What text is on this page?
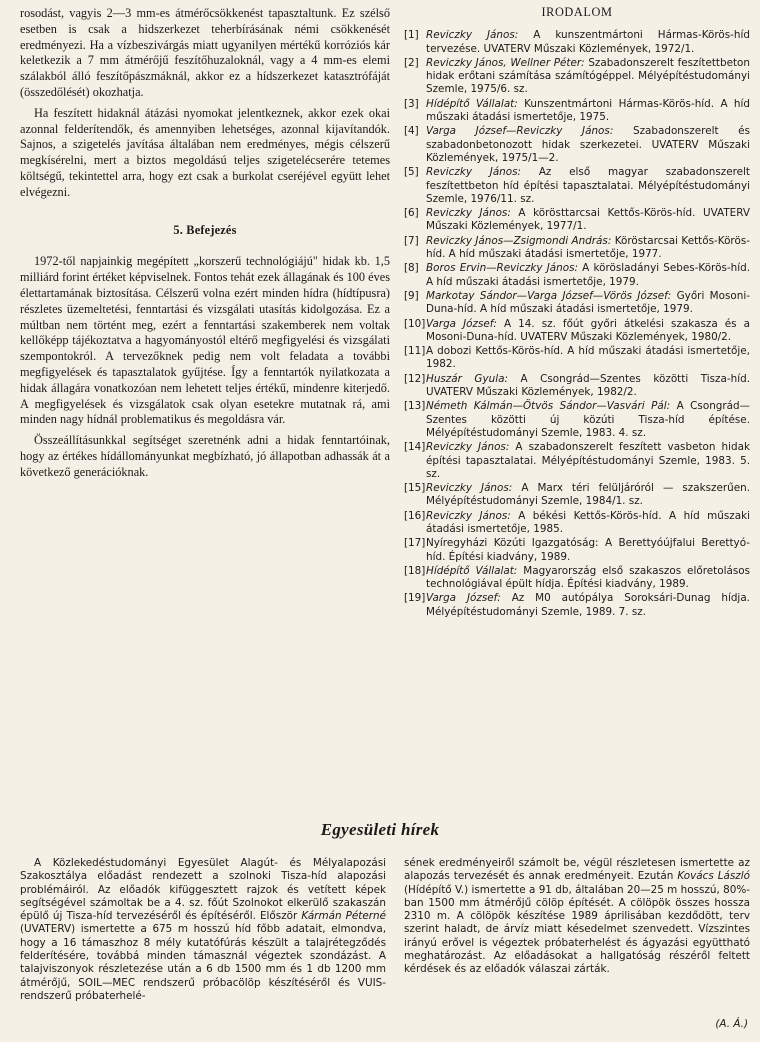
rosodást, vagyis 2—3 mm-es átmérőcsökkenést tapasztaltunk. Ez szélső esetben is csak a hidszerkezet teherbírásának némi csökkenését eredményezi. Ha a vízbeszivárgás miatt ugyanilyen mértékű korróziós kár keletkezik a 7 mm átmérőjű feszítőhuzaloknál, vagy a 4 mm-es elemi szálakból álló feszítőpászmáknál, akkor ez a hídszerkezet katasztrófáját (összedőlését) okozhatja.

Ha feszített hidaknál átázási nyomokat jelentkeznek, akkor ezek okai azonnal felderítendők, és amennyiben lehetséges, azonnal kijavítandók. Sajnos, a szigetelés javítása általában nem eredményes, mégis célszerű megkísérelni, mert a biztos megoldású teljes szigetelécserére tetemes költségű, tekintettel arra, hogy ezt csak a burkolat cseréjével együtt lehet elvégezni.

5. Befejezés

1972-től napjainkig megépített „korszerű technológiájú" hidak kb. 1,5 milliárd forint értéket képviselnek. Fontos tehát ezek állagának és 100 éves élettartamának biztosítása. Célszerű volna ezért minden hídra (hídtípusra) részletes üzemeltetési, fenntartási és vizsgálati utasítás kidolgozása. Ez a múltban nem történt meg, ezért a fenntartási szakemberek nem voltak kellőképp tájékoztatva a hagyományostól eltérő megfigyelési és vizsgálati szempontokról. A tervezőknek pedig nem volt feladata a további megfigyelések és tapasztalatok gyűjtése. Így a fenntartók nyilatkozata a hidak állagára vonatkozóan nem lehetett teljes értékű, mindenre kiterjedő. A megfigyelések és vizsgálatok csak olyan esetekre mutatnak rá, ami minden nagy hídnál problematikus és megoldásra vár.

Összeállításunkkal segítséget szeretnénk adni a hidak fenntartóinak, hogy az értékes hídállományunkat megbízható, jó állapotban adhassák át a következő generációknak.

IRODALOM
[1] Reviczky János: A kunszentmártoni Hármas-Körös-híd tervezése. UVATERV Műszaki Közlemények, 1972/1.
[2] Reviczky János, Wellner Péter: Szabadonszerelt feszítettbeton hidak erőtani számítása számítógéppel. Mélyépítéstudományi Szemle, 1975/6. sz.
[3] Hídépítő Vállalat: Kunszentmártoni Hármas-Körös-híd. A híd műszaki átadási ismertetője, 1975.
[4] Varga József—Reviczky János: Szabadonszerelt és szabadonbetonozott hidak szerkezetei. UVATERV Műszaki Közlemények, 1975/1—2.
[5] Reviczky János: Az első magyar szabadonszerelt feszítettbeton híd építési tapasztalatai. Mélyépítéstudományi Szemle, 1976/11. sz.
[6] Reviczky János: A körösttarcsai Kettős-Körös-híd. UVATERV Műszaki Közlemények, 1977/1.
[7] Reviczky János—Zsigmondi András: Köröstarcsai Kettős-Körös-híd. A híd műszaki átadási ismertetője, 1977.
[8] Boros Ervin—Reviczky János: A körösladányi Sebes-Körös-híd. A híd műszaki átadási ismertetője, 1979.
[9] Markotay Sándor—Varga József—Vörös József: Győri Mosoni-Duna-híd. A híd műszaki átadási ismertetője, 1979.
[10] Varga József: A 14. sz. főút győri átkelési szakasza és a Mosoni-Duna-híd. UVATERV Műszaki Közlemények, 1980/2.
[11] A dobozi Kettős-Körös-híd. A híd műszaki átadási ismertetője, 1982.
[12] Huszár Gyula: A Csongrád—Szentes közötti Tisza-híd. UVATERV Műszaki Közlemények, 1982/2.
[13] Németh Kálmán—Ötvös Sándor—Vasvári Pál: A Csongrád—Szentes közötti új közúti Tisza-híd építése. Mélyépítéstudományi Szemle, 1983. 4. sz.
[14] Reviczky János: A szabadonszerelt feszített vasbeton hidak építési tapasztalatai. Mélyépítéstudományi Szemle, 1983. 5. sz.
[15] Reviczky János: A Marx téri felüljáróról — szakszerűen. Mélyépítéstudományi Szemle, 1984/1. sz.
[16] Reviczky János: A békési Kettős-Körös-híd. A híd műszaki átadási ismertetője, 1985.
[17] Nyíregyházi Közúti Igazgatóság: A Berettyóújfalui Berettyó-híd. Építési kiadvány, 1989.
[18] Hídépítő Vállalat: Magyarország első szakaszos előretolásos technológiával épült hídja. Építési kiadvány, 1989.
[19] Varga József: Az M0 autópálya Soroksári-Dunag hídja. Mélyépítéstudományi Szemle, 1989. 7. sz.
Egyesületi hírek

A Közlekedéstudományi Egyesület Alagút- és Mélyalapozási Szakosztálya előadást rendezett a szolnoki Tisza-híd alapozási problémáiról. Az előadók kifüggesztett rajzok és vetített képek segítségével számoltak be a 4. sz. főút Szolnokot elkerülő szakaszán épülő új Tisza-híd tervezéséről és építéséről. Először Kármán Péterné (UVATERV) ismertette a 675 m hosszú híd főbb adatait, elmondva, hogy a 16 támaszhoz 8 mély kutatófúrás készült a talajrétegződés felderítésére, továbbá minden támasznál végeztek szondázást. A talajviszonyok részletezése után a 6 db 1500 mm és 1 db 1200 mm átmérőjű, SOIL—MEC rendszerű próbacölöp készítéséről és VUIS-rendszerű próbaterhelé-

sének eredményeiről számolt be, végül részletesen ismertette az alapozás tervezését és annak eredményeit. Ezután Kovács László (Hídépítő V.) ismertette a 91 db, általában 20—25 m hosszú, 80%-ban 1500 mm átmérőjű cölöp építését. A cölöpök összes hossza 2310 m. A cölöpök készítése 1989 áprilisában kezdődött, terv szerint haladt, de árvíz miatt késedelmet szenvedett. Vízszintes irányú erővel is végeztek próbaterhelést és ágyazási együttható meghatározást. Az előadásokat a hallgatóság részéről feltett kérdések és az előadók válaszai zárták.

(A. Á.)
